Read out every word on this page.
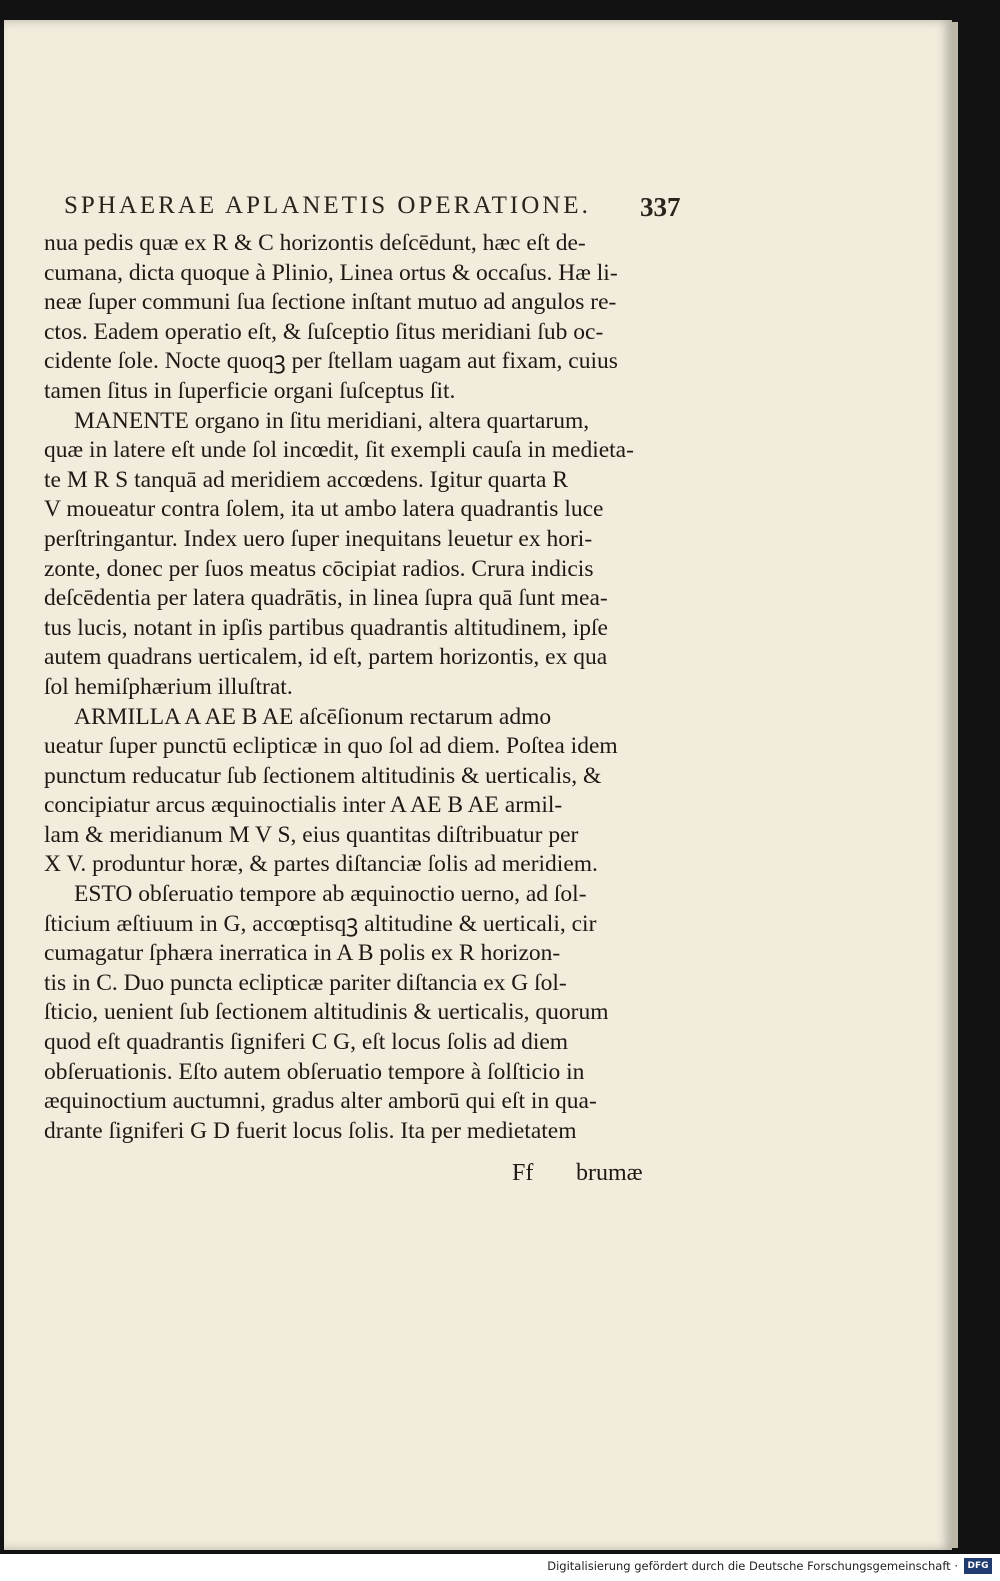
SPHAERAE APLANETIS OPERATIONE.	337
nua pedis quæ ex R & C horizontis deſcēdunt, hæc eſt de‑
cumana, dicta quoque à Plinio, Linea ortus & occaſus. Hæ li‑
neæ ſuper communi ſua ſectione inſtant mutuo ad angulos re‑
ctos. Eadem operatio eſt, & ſuſceptio ſitus meridiani ſub oc‑
cidente ſole. Nocte quoqꝫ per ſtellam uagam aut fixam, cuius
tamen ſitus in ſuperficie organi ſuſceptus ſit.
MANENTE organo in ſitu meridiani, altera quartarum,
quæ in latere eſt unde ſol incœdit, ſit exempli cauſa in medieta‑
te M R S tanquā ad meridiem accœdens. Igitur quarta R
V moueatur contra ſolem, ita ut ambo latera quadrantis luce
perſtringantur. Index uero ſuper inequitans leuetur ex hori‑
zonte, donec per ſuos meatus cōcipiat radios. Crura indicis
deſcēdentia per latera quadrātis, in linea ſupra quā ſunt mea‑
tus lucis, notant in ipſis partibus quadrantis altitudinem, ipſe
autem quadrans uerticalem, id eſt, partem horizontis, ex qua
ſol hemiſphærium illuſtrat.
ARMILLA A AE B AE aſcēſionum rectarum admo
ueatur ſuper punctū eclipticæ in quo ſol ad diem. Poſtea idem
punctum reducatur ſub ſectionem altitudinis & uerticalis, &
concipiatur arcus æquinoctialis inter A AE B AE armil‑
lam & meridianum M V S, eius quantitas diſtribuatur per
X V. produntur horæ, & partes diſtanciæ ſolis ad meridiem.
ESTO obſeruatio tempore ab æquinoctio uerno, ad ſol‑
ſticium æſtiuum in G, accœptisqꝫ altitudine & uerticali, cir
cumagatur ſphæra inerratica in A B polis ex R horizon‑
tis in C. Duo puncta eclipticæ pariter diſtancia ex G ſol‑
ſticio, uenient ſub ſectionem altitudinis & uerticalis, quorum
quod eſt quadrantis ſigniferi C G, eſt locus ſolis ad diem
obſeruationis. Eſto autem obſeruatio tempore à ſolſticio in
æquinoctium auctumni, gradus alter amborū qui eſt in qua‑
drante ſigniferi G D fuerit locus ſolis. Ita per medietatem
Ff brumæ
Digitalisierung gefördert durch die Deutsche Forschungsgemeinschaft ·	DFG
